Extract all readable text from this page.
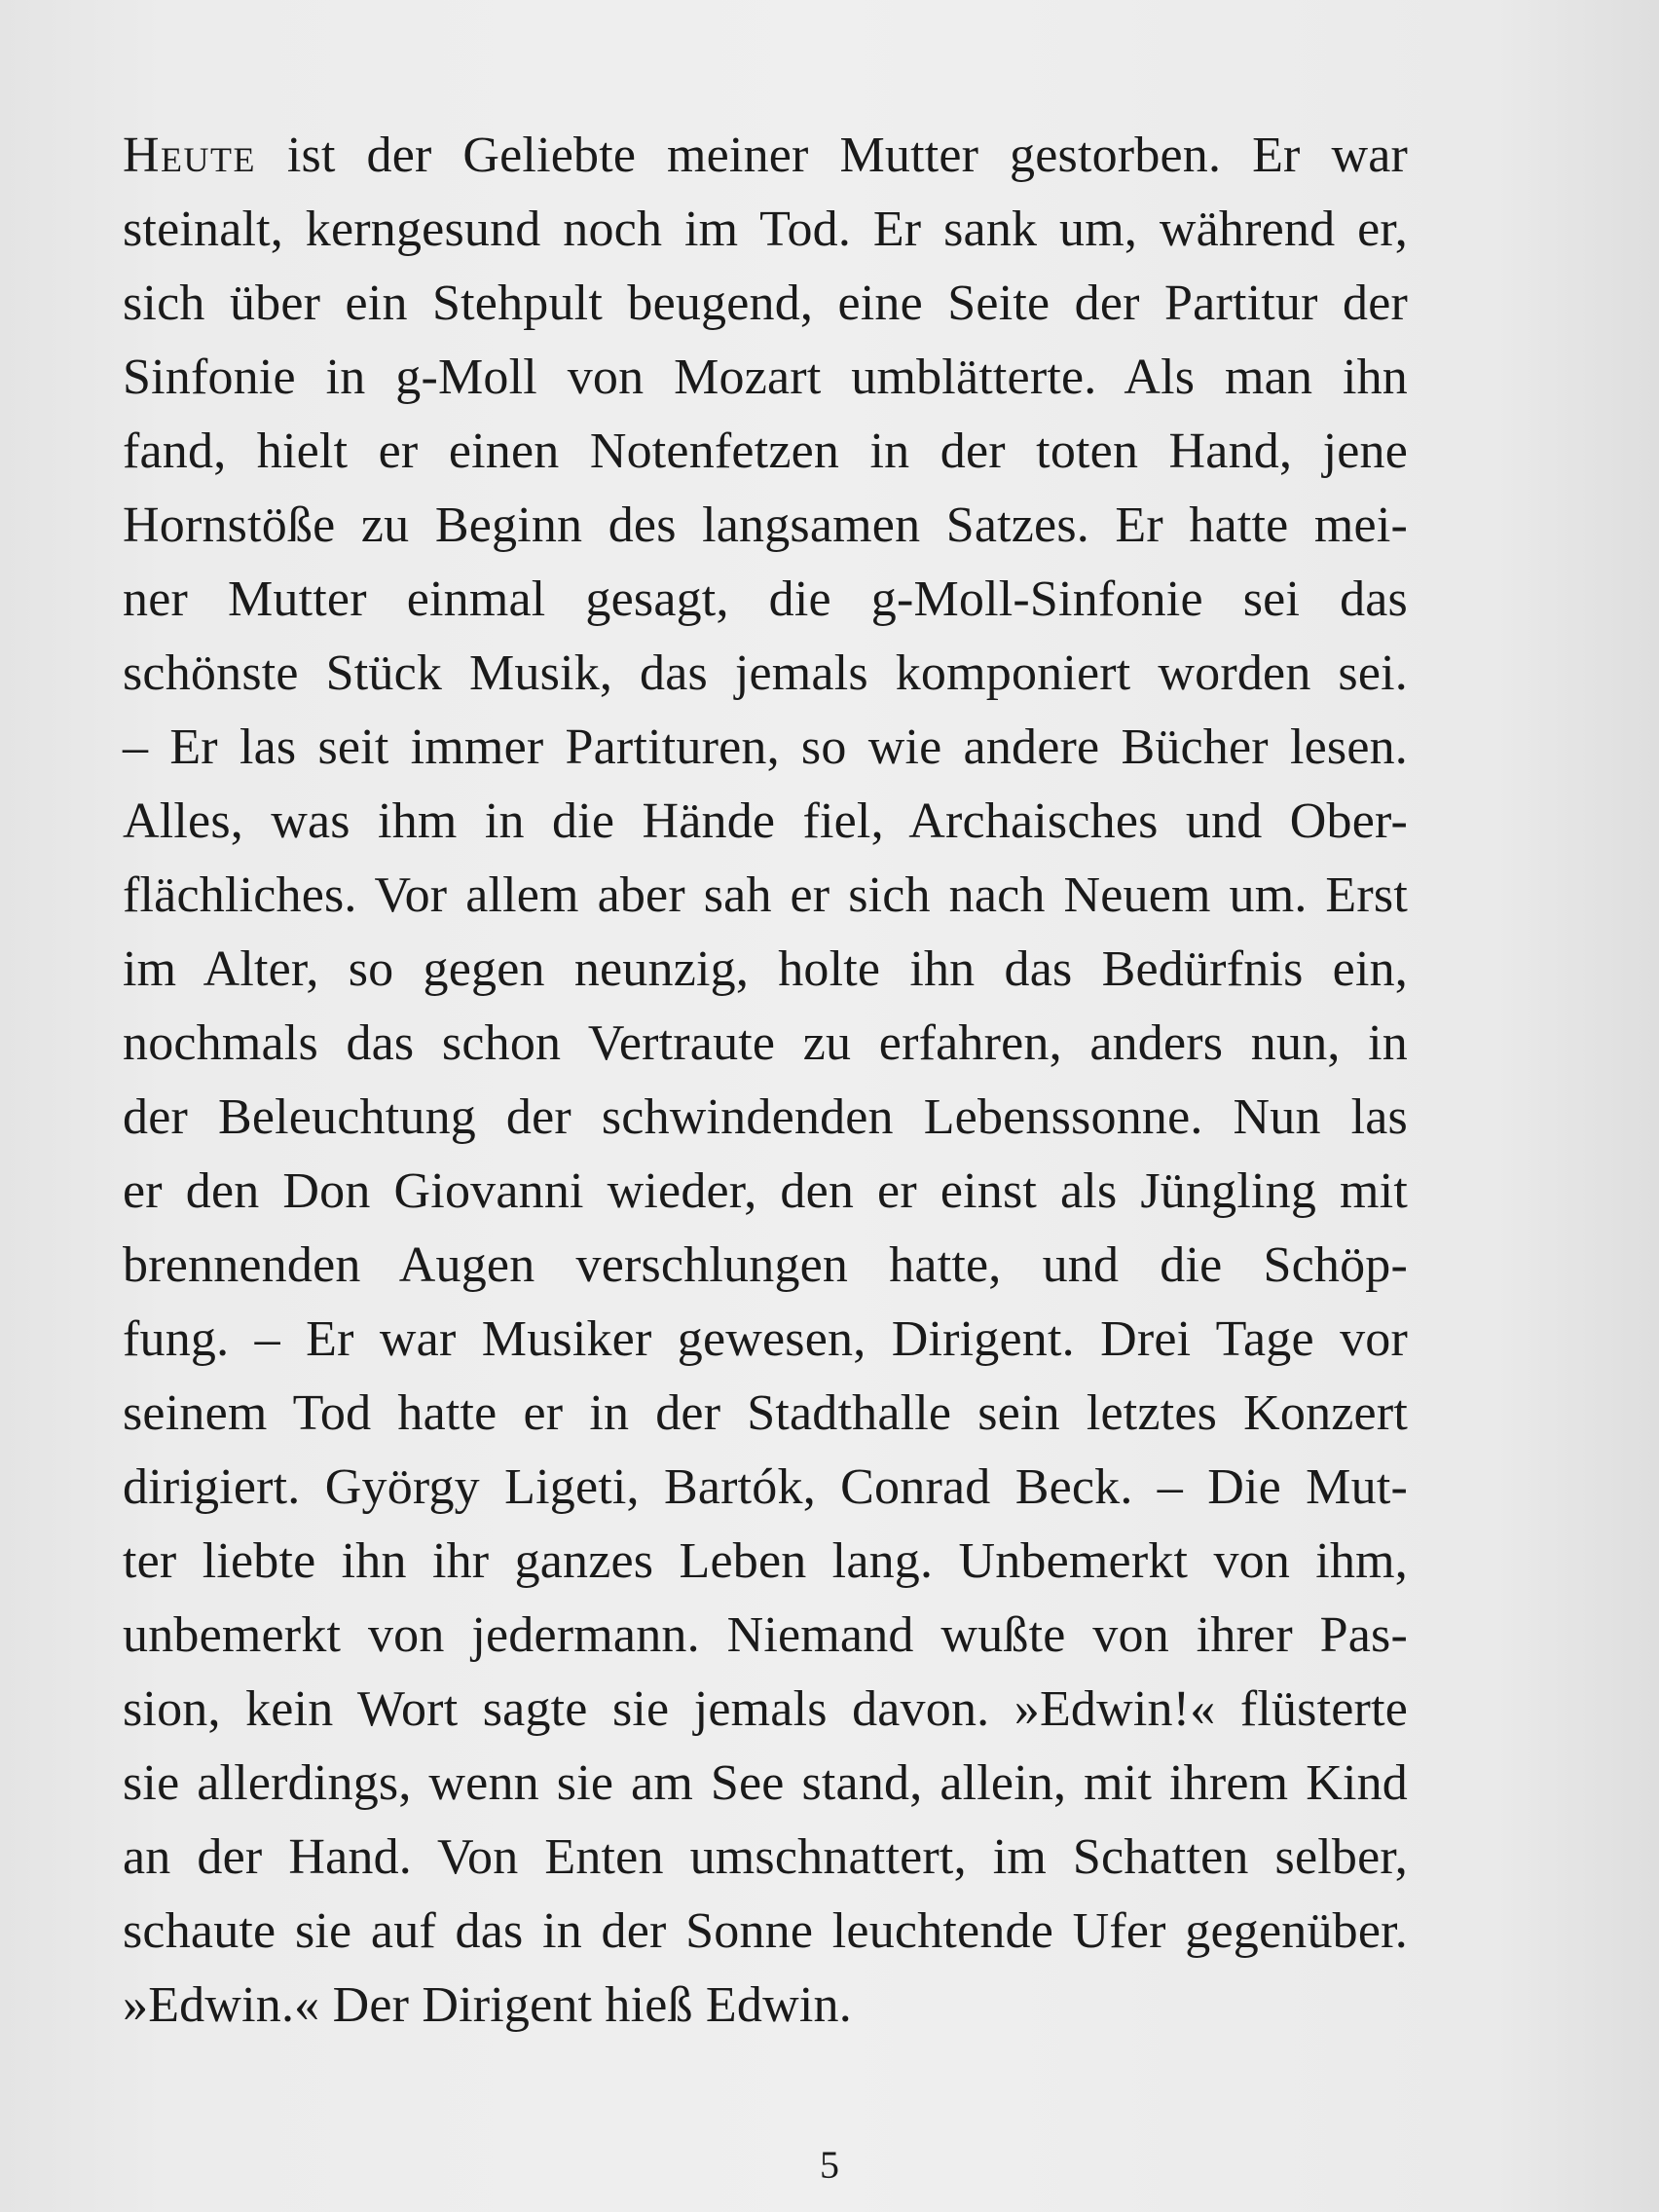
Heute ist der Geliebte meiner Mutter gestorben. Er war
steinalt, kerngesund noch im Tod. Er sank um, während er,
sich über ein Stehpult beugend, eine Seite der Partitur der
Sinfonie in g-Moll von Mozart umblätterte. Als man ihn
fand, hielt er einen Notenfetzen in der toten Hand, jene
Hornstöße zu Beginn des langsamen Satzes. Er hatte mei-
ner Mutter einmal gesagt, die g-Moll-Sinfonie sei das
schönste Stück Musik, das jemals komponiert worden sei.
– Er las seit immer Partituren, so wie andere Bücher lesen.
Alles, was ihm in die Hände fiel, Archaisches und Ober-
flächliches. Vor allem aber sah er sich nach Neuem um. Erst
im Alter, so gegen neunzig, holte ihn das Bedürfnis ein,
nochmals das schon Vertraute zu erfahren, anders nun, in
der Beleuchtung der schwindenden Lebenssonne. Nun las
er den Don Giovanni wieder, den er einst als Jüngling mit
brennenden Augen verschlungen hatte, und die Schöp-
fung. – Er war Musiker gewesen, Dirigent. Drei Tage vor
seinem Tod hatte er in der Stadthalle sein letztes Konzert
dirigiert. György Ligeti, Bartók, Conrad Beck. – Die Mut-
ter liebte ihn ihr ganzes Leben lang. Unbemerkt von ihm,
unbemerkt von jedermann. Niemand wußte von ihrer Pas-
sion, kein Wort sagte sie jemals davon. »Edwin!« flüsterte
sie allerdings, wenn sie am See stand, allein, mit ihrem Kind
an der Hand. Von Enten umschnattert, im Schatten selber,
schaute sie auf das in der Sonne leuchtende Ufer gegenüber.
»Edwin.« Der Dirigent hieß Edwin.
5
